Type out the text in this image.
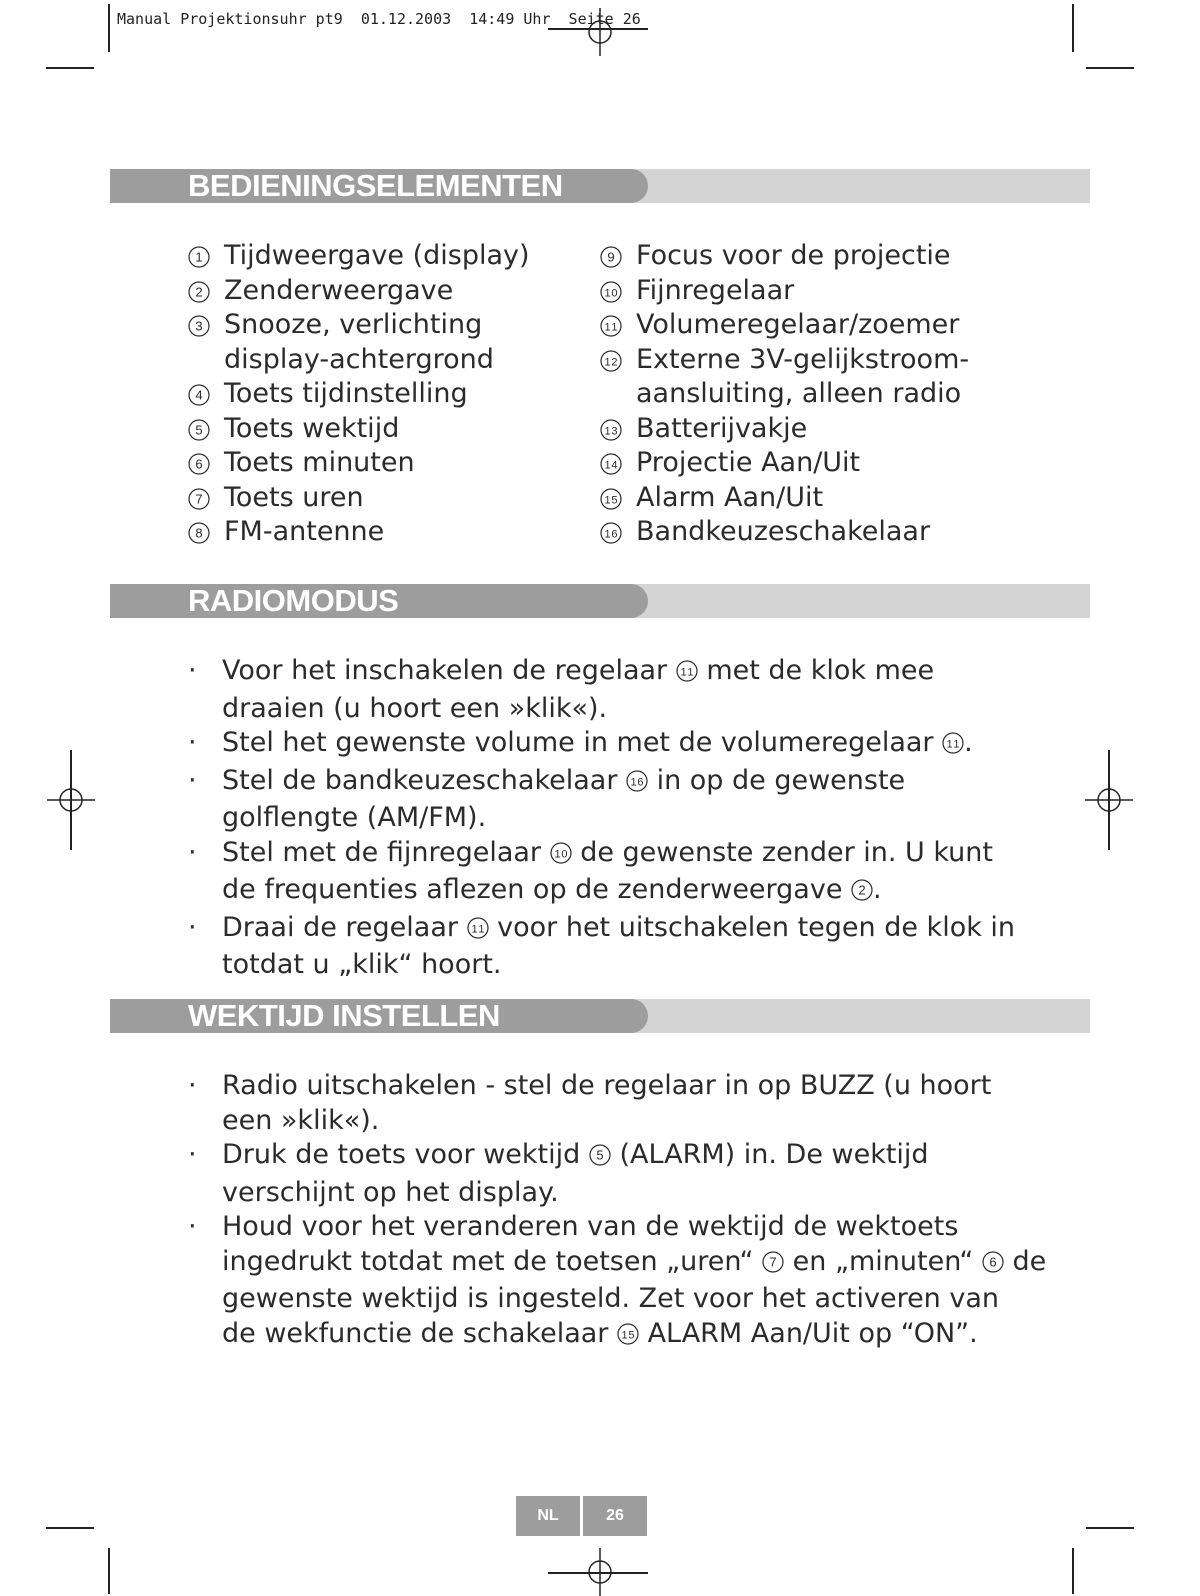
Manual Projektionsuhr pt9  01.12.2003  14:49 Uhr  Seite 26
BEDIENINGSELEMENTEN
1 Tijdweergave (display)
2 Zenderweergave
3 Snooze, verlichting
display-achtergrond
4 Toets tijdinstelling
5 Toets wektijd
6 Toets minuten
7 Toets uren
8 FM-antenne
9 Focus voor de projectie
10 Fijnregelaar
11 Volumeregelaar/zoemer
12 Externe 3V-gelijkstroom-
aansluiting, alleen radio
13 Batterijvakje
14 Projectie Aan/Uit
15 Alarm Aan/Uit
16 Bandkeuzeschakelaar
RADIOMODUS
· Voor het inschakelen de regelaar 11 met de klok mee
draaien (u hoort een »klik«).
· Stel het gewenste volume in met de volumeregelaar 11 .
· Stel de bandkeuzeschakelaar 16 in op de gewenste
golflengte (AM/FM).
· Stel met de fijnregelaar 10 de gewenste zender in. U kunt
de frequenties aflezen op de zenderweergave 2 .
· Draai de regelaar 11 voor het uitschakelen tegen de klok in
totdat u „klik“ hoort.
WEKTIJD INSTELLEN
· Radio uitschakelen - stel de regelaar in op BUZZ (u hoort
een »klik«).
· Druk de toets voor wektijd 5 (ALARM) in. De wektijd
verschijnt op het display.
· Houd voor het veranderen van de wektijd de wektoets
ingedrukt totdat met de toetsen „uren“ 7 en „minuten“ 6 de
gewenste wektijd is ingesteld. Zet voor het activeren van
de wekfunctie de schakelaar 15 ALARM Aan/Uit op “ON”.
NL	26
